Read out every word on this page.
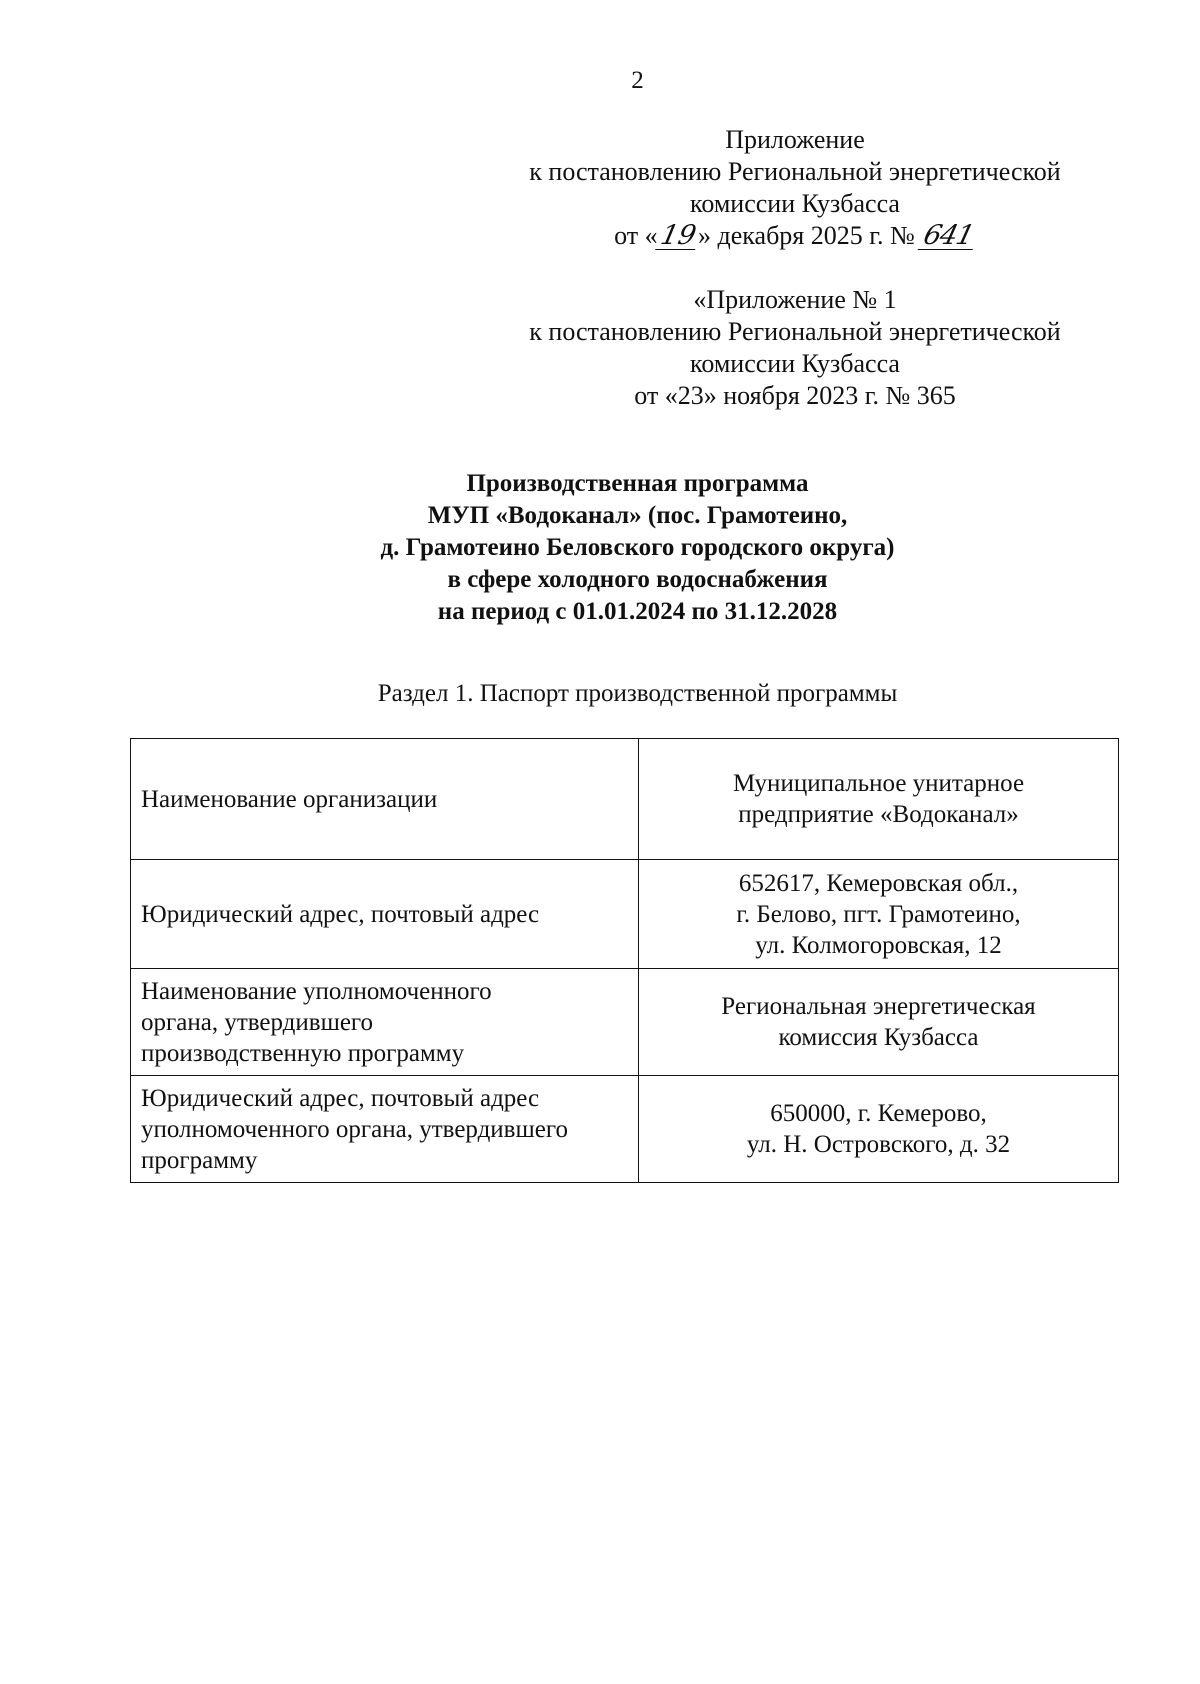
2
Приложение
к постановлению Региональной энергетической
комиссии Кузбасса
от «19» декабря 2025 г. № 641
«Приложение № 1
к постановлению Региональной энергетической
комиссии Кузбасса
от «23» ноября 2023 г. № 365
Производственная программа
МУП «Водоканал» (пос. Грамотеино,
д. Грамотеино Беловского городского округа)
в сфере холодного водоснабжения
на период с 01.01.2024 по 31.12.2028
Раздел 1. Паспорт производственной программы
Наименование организации	Муниципальное унитарное
предприятие «Водоканал»
Юридический адрес, почтовый адрес	652617, Кемеровская обл.,
г. Белово, пгт. Грамотеино,
ул. Колмогоровская, 12
Наименование уполномоченного
органа, утвердившего
производственную программу	Региональная энергетическая
комиссия Кузбасса
Юридический адрес, почтовый адрес
уполномоченного органа, утвердившего
программу	650000, г. Кемерово,
ул. Н. Островского, д. 32
